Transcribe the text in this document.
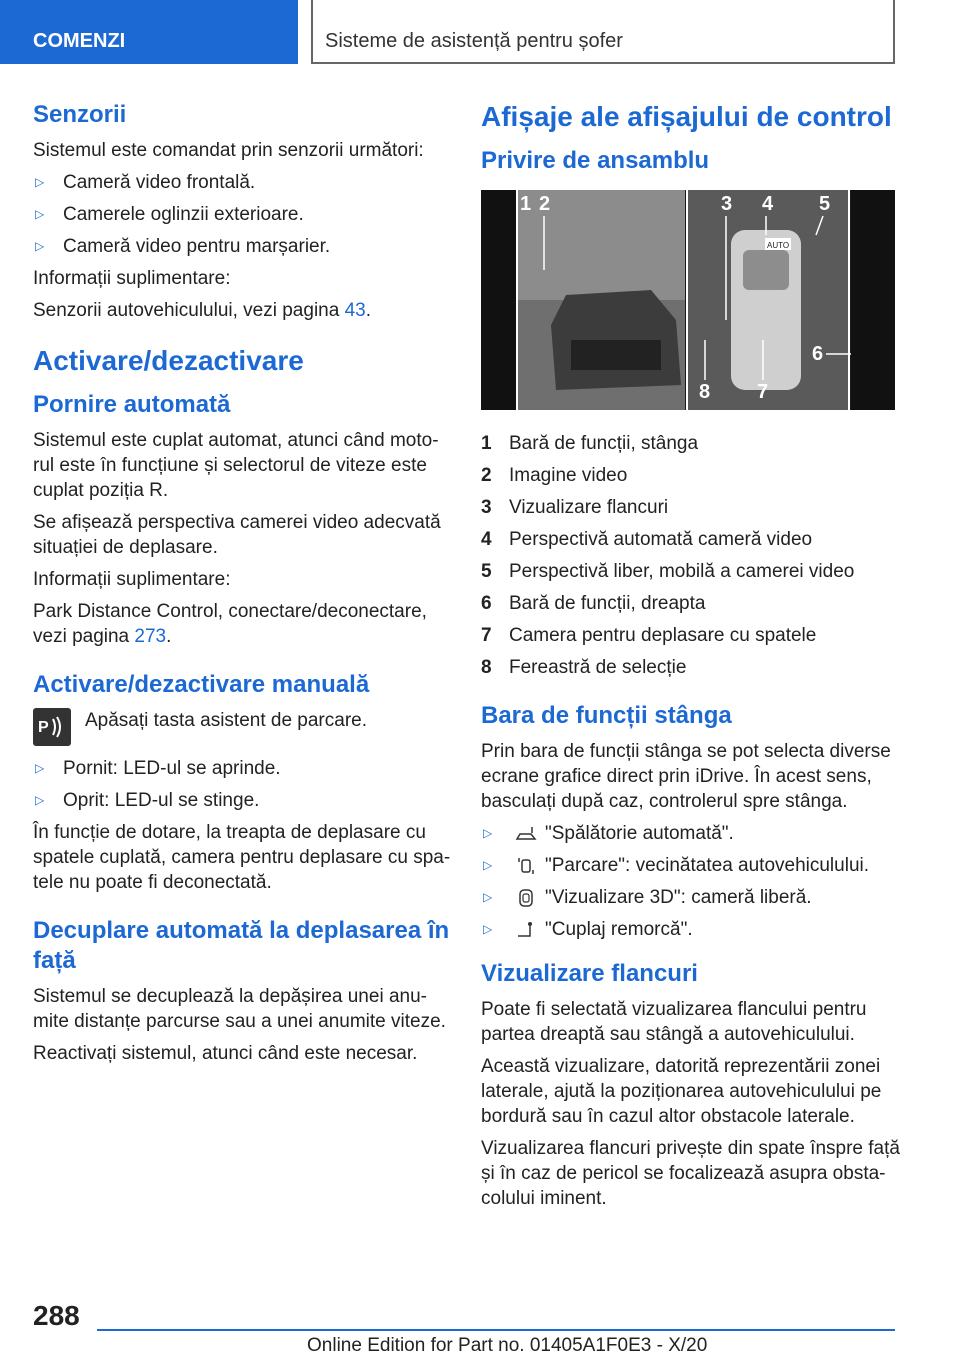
COMENZI	Sisteme de asistență pentru șofer
Senzorii

Sistemul este comandat prin senzorii următori:

▷ Cameră video frontală.
▷ Camerele oglinzii exterioare.
▷ Cameră video pentru marșarier.

Informații suplimentare:

Senzorii autovehiculului, vezi pagina 43.

Activare/dezactivare
Pornire automată

Sistemul este cuplat automat, atunci când moto-
rul este în funcțiune și selectorul de viteze este
cuplat poziția R.

Se afișează perspectiva camerei video adecvată
situației de deplasare.

Informații suplimentare:

Park Distance Control, conectare/deconectare,
vezi pagina 273.

Activare/dezactivare manuală
P Apăsați tasta asistent de parcare.
▷ Pornit: LED-ul se aprinde.
▷ Oprit: LED-ul se stinge.

În funcție de dotare, la treapta de deplasare cu
spatele cuplată, camera pentru deplasare cu spa-
tele nu poate fi deconectată.

Decuplare automată la deplasarea în
față

Sistemul se decuplează la depășirea unei anu-
mite distanțe parcurse sau a unei anumite viteze.

Reactivați sistemul, atunci când este necesar.

Afișaje ale afișajului de control
Privire de ansamblu
AUTO
1 2	3 4 5
6
7
8
1 Bară de funcții, stânga
2 Imagine video
3 Vizualizare flancuri
4 Perspectivă automată cameră video
5 Perspectivă liber, mobilă a camerei video
6 Bară de funcții, dreapta
7 Camera pentru deplasare cu spatele
8 Fereastră de selecție
Bara de funcții stânga

Prin bara de funcții stânga se pot selecta diverse
ecrane grafice direct prin iDrive. În acest sens,
basculați după caz, controlerul spre stânga.

▷	"Spălătorie automată".
▷	"Parcare": vecinătatea autovehiculului.
▷	"Vizualizare 3D": cameră liberă.
▷	"Cuplaj remorcă".
Vizualizare flancuri

Poate fi selectată vizualizarea flancului pentru
partea dreaptă sau stângă a autovehiculului.

Această vizualizare, datorită reprezentării zonei
laterale, ajută la poziționarea autovehiculului pe
bordură sau în cazul altor obstacole laterale.

Vizualizarea flancuri privește din spate înspre față
și în caz de pericol se focalizează asupra obsta-
colului iminent.

288
Online Edition for Part no. 01405A1F0E3 - X/20
